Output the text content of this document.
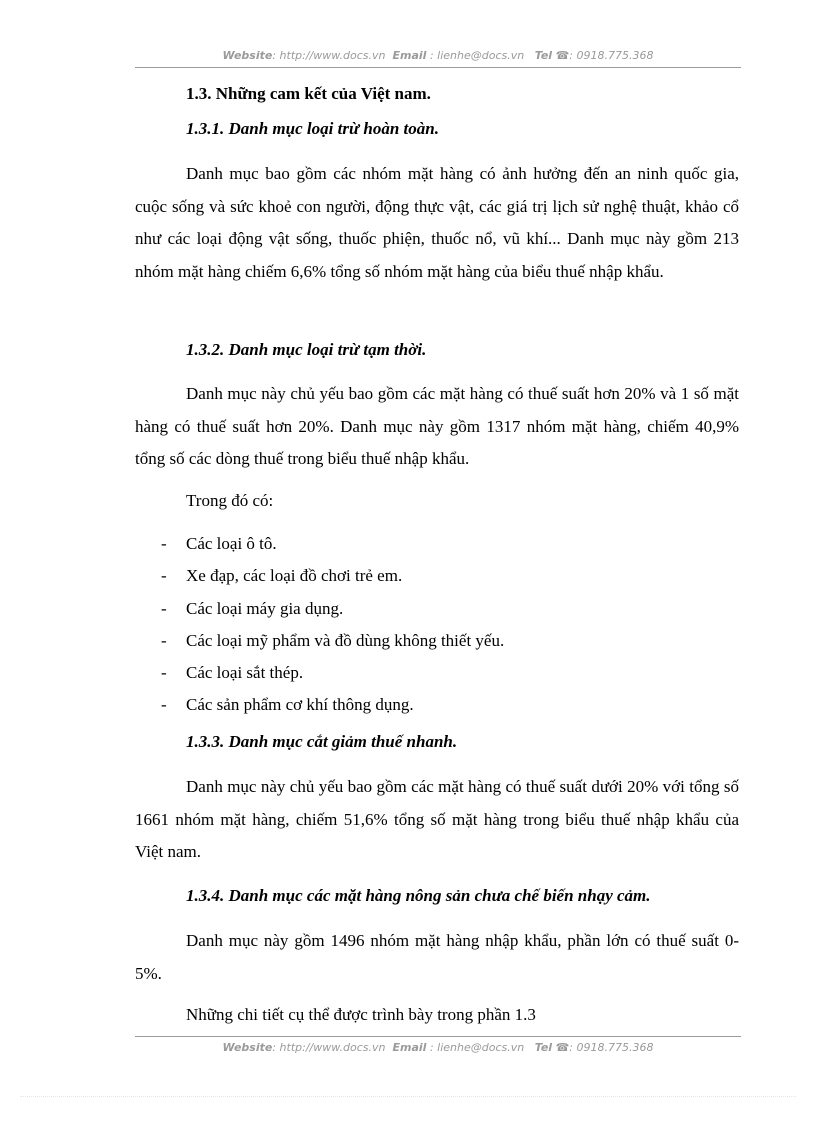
Website: http://www.docs.vn Email : lienhe@docs.vn Tel ☎: 0918.775.368
1.3. Những cam kết của Việt nam.
1.3.1. Danh mục loại trừ hoàn toàn.

Danh mục bao gồm các nhóm mặt hàng có ảnh hưởng đến an ninh quốc gia, cuộc sống và sức khoẻ con người, động thực vật, các giá trị lịch sử nghệ thuật, khảo cổ như các loại động vật sống, thuốc phiện, thuốc nổ, vũ khí... Danh mục này gồm 213 nhóm mặt hàng chiếm 6,6% tổng số nhóm mặt hàng của biểu thuế nhập khẩu.

1.3.2. Danh mục loại trừ tạm thời.

Danh mục này chủ yếu bao gồm các mặt hàng có thuế suất hơn 20% và 1 số mặt hàng có thuế suất hơn 20%. Danh mục này gồm 1317 nhóm mặt hàng, chiếm 40,9% tổng số các dòng thuế trong biểu thuế nhập khẩu.

Trong đó có:
- Các loại ô tô.
- Xe đạp, các loại đồ chơi trẻ em.
- Các loại máy gia dụng.
- Các loại mỹ phẩm và đồ dùng không thiết yếu.
- Các loại sắt thép.
- Các sản phẩm cơ khí thông dụng.
1.3.3. Danh mục cắt giảm thuế nhanh.

Danh mục này chủ yếu bao gồm các mặt hàng có thuế suất dưới 20% với tổng số 1661 nhóm mặt hàng, chiếm 51,6% tổng số mặt hàng trong biểu thuế nhập khẩu của Việt nam.

1.3.4. Danh mục các mặt hàng nông sản chưa chế biến nhạy cảm.

Danh mục này gồm 1496 nhóm mặt hàng nhập khẩu, phần lớn có thuế suất 0-5%.

Những chi tiết cụ thể được trình bày trong phần 1.3
Website: http://www.docs.vn Email : lienhe@docs.vn Tel ☎: 0918.775.368
